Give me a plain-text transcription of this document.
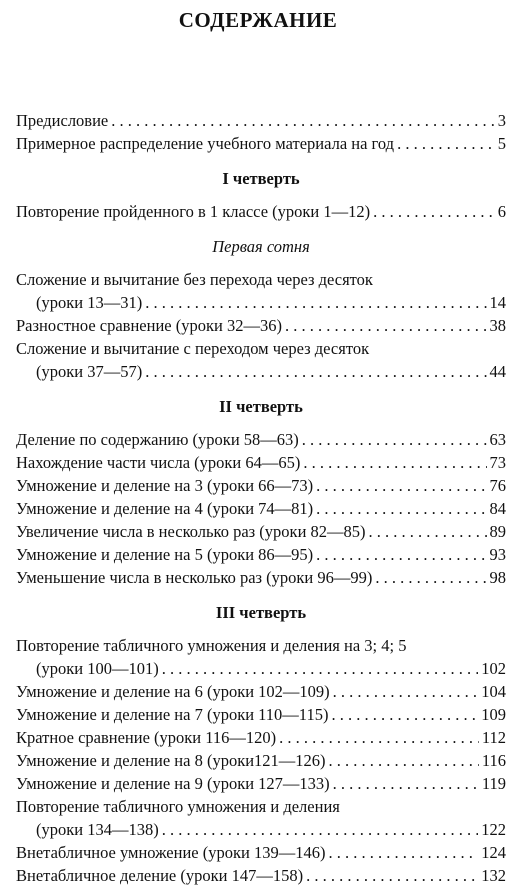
СОДЕРЖАНИЕ
Предисловие . . .	3
Примерное распределение учебного материала на год . . .	5
I четверть
Повторение пройденного в 1 классе (уроки 1—12) . . .	6
Первая сотня
Сложение и вычитание без перехода через десяток
(уроки 13—31) . . .	14
Разностное сравнение (уроки 32—36) . . .	38
Сложение и вычитание с переходом через десяток
(уроки 37—57) . . .	44
II четверть
Деление по содержанию (уроки 58—63) . . .	63
Нахождение части числа (уроки 64—65) . . .	73
Умножение и деление на 3 (уроки 66—73) . . .	76
Умножение и деление на 4 (уроки 74—81) . . .	84
Увеличение числа в несколько раз (уроки 82—85) . . .	89
Умножение и деление на 5 (уроки 86—95) . . .	93
Уменьшение числа в несколько раз (уроки 96—99) . . .	98
III четверть
Повторение табличного умножения и деления на 3; 4; 5
(уроки 100—101) . . .	102
Умножение и деление на 6 (уроки 102—109) . . .	104
Умножение и деление на 7 (уроки 110—115) . . .	109
Кратное сравнение (уроки 116—120) . . .	112
Умножение и деление на 8 (уроки121—126) . . .	116
Умножение и деление на 9 (уроки 127—133) . . .	119
Повторение табличного умножения и деления
(уроки 134—138) . . .	122
Внетабличное умножение (уроки 139—146) . . .	124
Внетабличное деление (уроки 147—158) . . .	132
